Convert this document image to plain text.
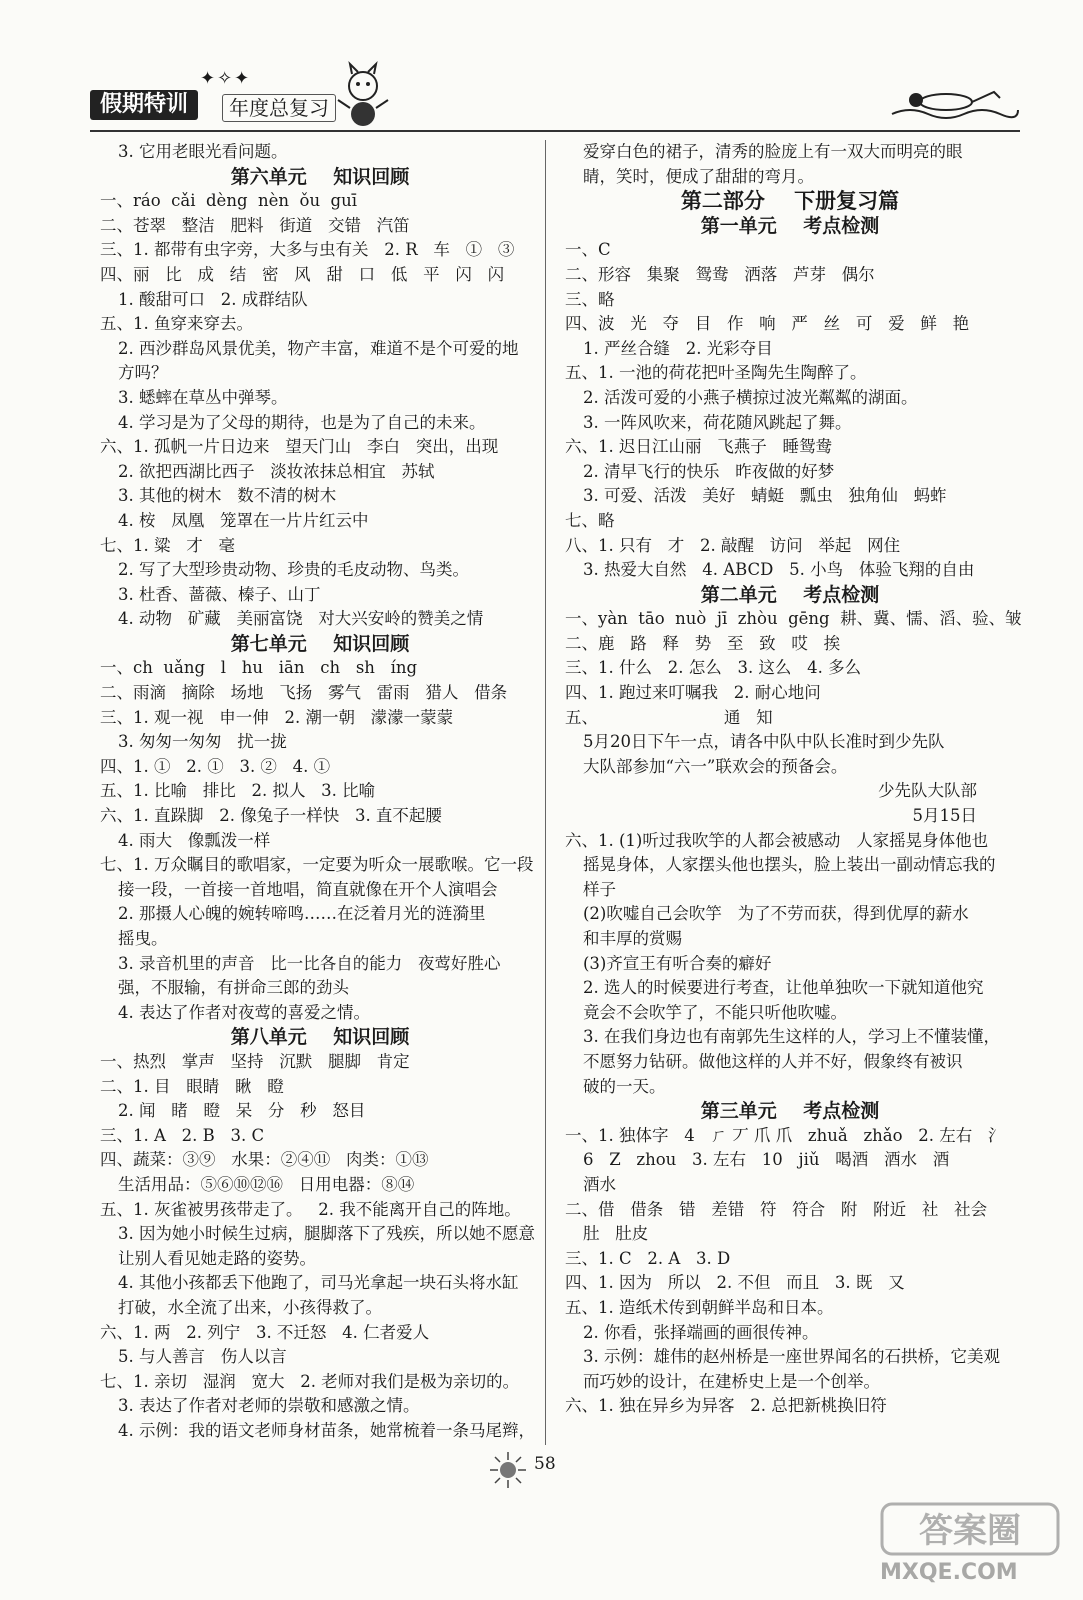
假期特训
✦✧✦
年度总复习
3. 它用老眼光看问题。
第六单元    知识回顾
一、ráo  cǎi  dèng  nèn  ǒu  guī
二、苍翠   整洁   肥料   街道   交错   汽笛
三、1. 都带有虫字旁，大多与虫有关   2. R   车   ①   ③
四、丽   比   成   结   密   风   甜   口   低   平   闪   闪
1. 酸甜可口   2. 成群结队
五、1. 鱼穿来穿去。
2. 西沙群岛风景优美，物产丰富，难道不是个可爱的地
方吗？
3. 蟋蟀在草丛中弹琴。
4. 学习是为了父母的期待，也是为了自己的未来。
六、1. 孤帆一片日边来   望天门山   李白   突出，出现
2. 欲把西湖比西子   淡妆浓抹总相宜   苏轼
3. 其他的树木   数不清的树木
4. 桉   凤凰   笼罩在一片片红云中
七、1. 粱   才   毫
2. 写了大型珍贵动物、珍贵的毛皮动物、鸟类。
3. 杜香、蔷薇、榛子、山丁
4. 动物   矿藏   美丽富饶   对大兴安岭的赞美之情
第七单元    知识回顾
一、ch  uǎng   l   hu   iān   ch   sh   íng
二、雨滴   摘除   场地   飞扬   雾气   雷雨   猎人   借条
三、1. 观一视   申一伸   2. 潮一朝   濛濛一蒙蒙
3. 匆匆一匆匆   扰一拢
四、1. ①   2. ①   3. ②   4. ①
五、1. 比喻   排比   2. 拟人   3. 比喻
六、1. 直跺脚   2. 像兔子一样快   3. 直不起腰
4. 雨大   像瓢泼一样
七、1. 万众瞩目的歌唱家，一定要为听众一展歌喉。它一段
接一段，一首接一首地唱，简直就像在开个人演唱会
2. 那摄人心魄的婉转啼鸣……在泛着月光的涟漪里
摇曳。
3. 录音机里的声音   比一比各自的能力   夜莺好胜心
强，不服输，有拼命三郎的劲头
4. 表达了作者对夜莺的喜爱之情。
第八单元    知识回顾
一、热烈   掌声   坚持   沉默   腿脚   肯定
二、1. 目   眼睛   瞅   瞪
2. 闻   睹   瞪   呆   分   秒   怒目
三、1. A   2. B   3. C
四、蔬菜：③⑨   水果：②④⑪   肉类：①⑬
生活用品：⑤⑥⑩⑫⑯   日用电器：⑧⑭
五、1. 灰雀被男孩带走了。   2. 我不能离开自己的阵地。
3. 因为她小时候生过病，腿脚落下了残疾，所以她不愿意
让别人看见她走路的姿势。
4. 其他小孩都丢下他跑了，司马光拿起一块石头将水缸
打破，水全流了出来，小孩得救了。
六、1. 两   2. 列宁   3. 不迁怒   4. 仁者爱人
5. 与人善言   伤人以言
七、1. 亲切   湿润   宽大   2. 老师对我们是极为亲切的。
3. 表达了作者对老师的崇敬和感激之情。
4. 示例：我的语文老师身材苗条，她常梳着一条马尾辫，
爱穿白色的裙子，清秀的脸庞上有一双大而明亮的眼
睛，笑时，便成了甜甜的弯月。
第二部分    下册复习篇
第一单元    考点检测
一、C
二、形容   集聚   鸳鸯   洒落   芦芽   偶尔
三、略
四、波   光   夺   目   作   响   严   丝   可   爱   鲜   艳
1. 严丝合缝   2. 光彩夺目
五、1. 一池的荷花把叶圣陶先生陶醉了。
2. 活泼可爱的小燕子横掠过波光粼粼的湖面。
3. 一阵风吹来，荷花随风跳起了舞。
六、1. 迟日江山丽   飞燕子   睡鸳鸯
2. 清早飞行的快乐   昨夜做的好梦
3. 可爱、活泼   美好   蜻蜓   瓢虫   独角仙   蚂蚱
七、略
八、1. 只有   才   2. 敲醒   访问   举起   网住
3. 热爱大自然   4. ABCD   5. 小鸟   体验飞翔的自由
第二单元    考点检测
一、yàn  tāo  nuò  jī  zhòu  gēng  耕、冀、懦、滔、验、皱
二、鹿   路   释   势   至   致   哎   挨
三、1. 什么   2. 怎么   3. 这么   4. 多么
四、1. 跑过来叮嘱我   2. 耐心地问
五、                        通   知
5月20日下午一点，请各中队中队长准时到少先队
大队部参加“六一”联欢会的预备会。
少先队大队部
5月15日
六、1. (1)听过我吹竽的人都会被感动   人家摇晃身体他也
摇晃身体，人家摆头他也摆头，脸上装出一副动情忘我的
样子
(2)吹嘘自己会吹竽   为了不劳而获，得到优厚的薪水
和丰厚的赏赐
(3)齐宣王有听合奏的癖好
2. 选人的时候要进行考查，让他单独吹一下就知道他究
竟会不会吹竽了，不能只听他吹嘘。
3. 在我们身边也有南郭先生这样的人，学习上不懂装懂，
不愿努力钻研。做他这样的人并不好，假象终有被识
破的一天。
第三单元    考点检测
一、1. 独体字   4   ㄏ 丆 爪 爪   zhuǎ   zhǎo   2. 左右   氵
6   Z   zhou   3. 左右   10   jiǔ   喝酒   酒水   酒
酒水
二、借   借条   错   差错   符   符合   附   附近   社   社会
肚   肚皮
三、1. C   2. A   3. D
四、1. 因为   所以   2. 不但   而且   3. 既   又
五、1. 造纸术传到朝鲜半岛和日本。
2. 你看，张择端画的画很传神。
3. 示例：雄伟的赵州桥是一座世界闻名的石拱桥，它美观
而巧妙的设计，在建桥史上是一个创举。
六、1. 独在异乡为异客   2. 总把新桃换旧符
58
答案圈
MXQE.COM
